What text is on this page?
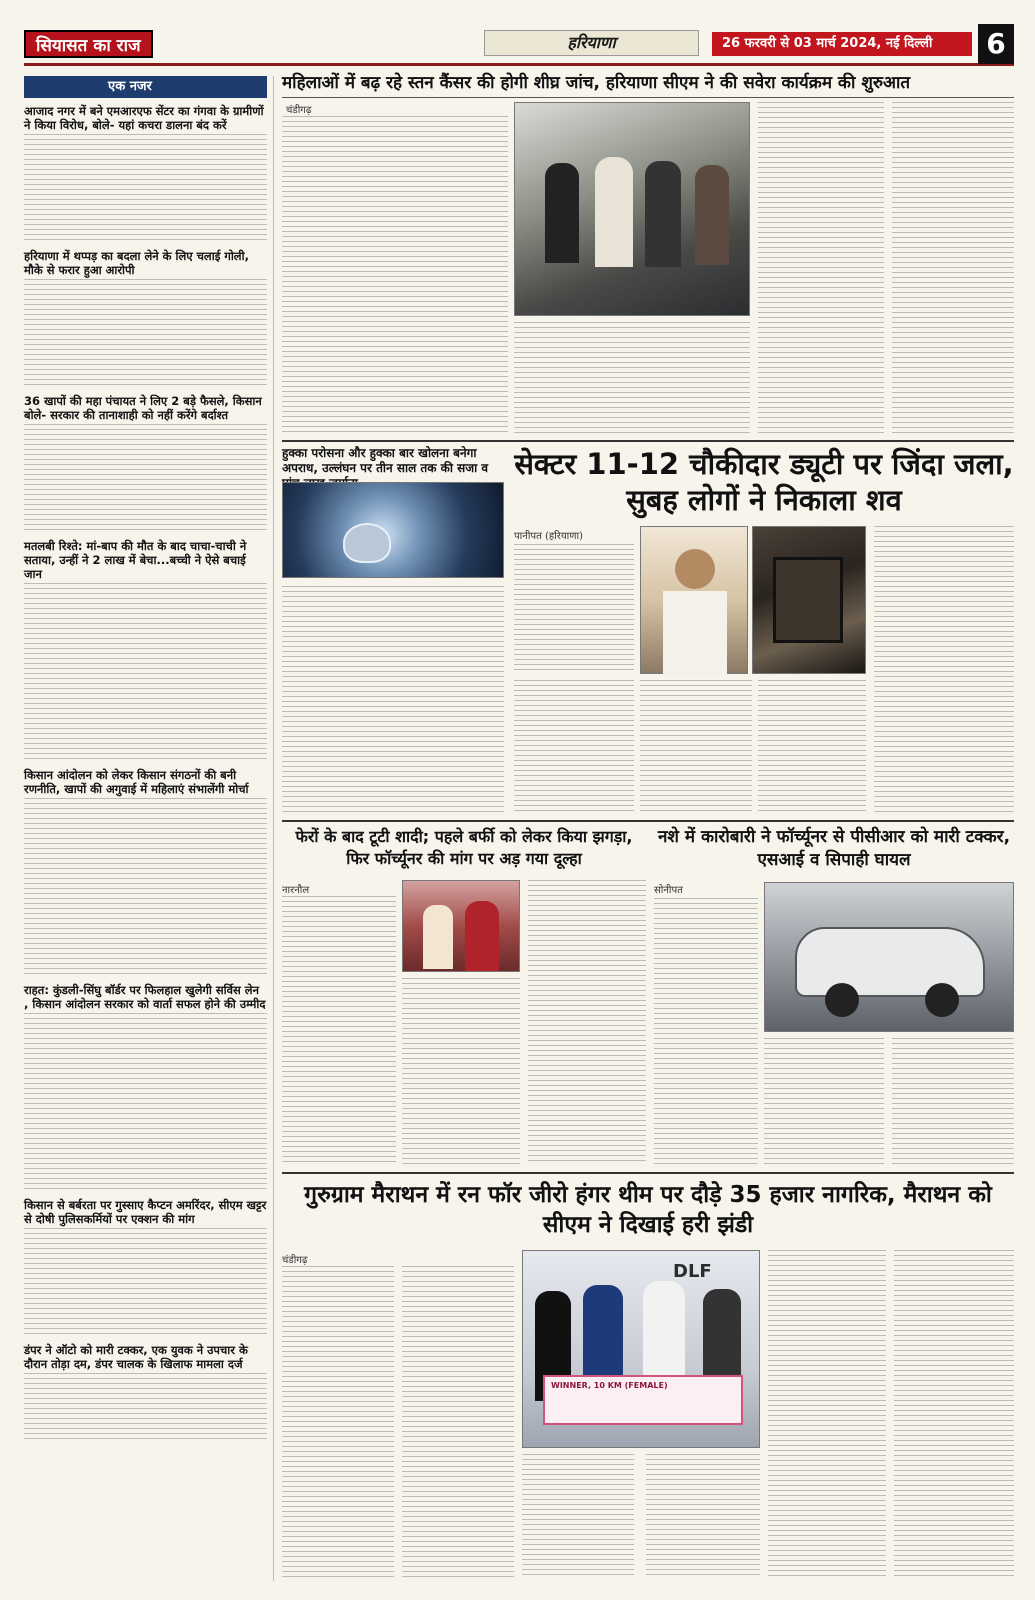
सियासत का राज	हरियाणा	26 फरवरी से 03 मार्च 2024, नई दिल्ली	6
एक नजर
आजाद नगर में बने एमआरएफ सेंटर का गंगवा के ग्रामीणों ने किया विरोध, बोले- यहां कचरा डालना बंद करें
हरियाणा में थप्पड़ का बदला लेने के लिए चलाई गोली, मौके से फरार हुआ आरोपी
36 खापों की महा पंचायत ने लिए 2 बड़े फैसले, किसान बोले- सरकार की तानाशाही को नहीं करेंगे बर्दाश्त
मतलबी रिश्ते: मां-बाप की मौत के बाद चाचा-चाची ने सताया, उन्हीं ने 2 लाख में बेचा...बच्ची ने ऐसे बचाई जान
किसान आंदोलन को लेकर किसान संगठनों की बनी रणनीति, खापों की अगुवाई में महिलाएं संभालेंगी मोर्चा
राहत: कुंडली-सिंघु बॉर्डर पर फिलहाल खुलेगी सर्विस लेन , किसान आंदोलन सरकार को वार्ता सफल होने की उम्मीद
किसान से बर्बरता पर गुस्साए कैप्टन अमरिंदर, सीएम खट्टर से दोषी पुलिसकर्मियों पर एक्शन की मांग
डंपर ने ऑटो को मारी टक्कर, एक युवक ने उपचार के दौरान तोड़ा दम, डंपर चालक के खिलाफ मामला दर्ज
महिलाओं में बढ़ रहे स्तन कैंसर की होगी शीघ्र जांच, हरियाणा सीएम ने की सवेरा कार्यक्रम की शुरुआत
चंडीगढ़
हुक्का परोसना और हुक्का बार खोलना बनेगा अपराध, उल्लंघन पर तीन साल तक की सजा व सेक्टर 11-12 चौकीदार ड्यूटी पर जिंदा जला, सुबह लोगों ने निकाला शव
पानीपत (हरियाणा)
फेरों के बाद टूटी शादी; पहले बर्फी को लेकर किया झगड़ा, फिर फॉर्च्यूनर की मांग पर अड़ गया दूल्हा
नारनौल
नशे में कारोबारी ने फॉर्च्यूनर से पीसीआर को मारी टक्कर, एसआई व सिपाही घायल
सोनीपत
गुरुग्राम मैराथन में रन फॉर जीरो हंगर थीम पर दौड़े 35 हजार नागरिक, मैराथन को सीएम ने दिखाई हरी झंडी
चंडीगढ़
DLF
WINNER, 10 KM (FEMALE)
